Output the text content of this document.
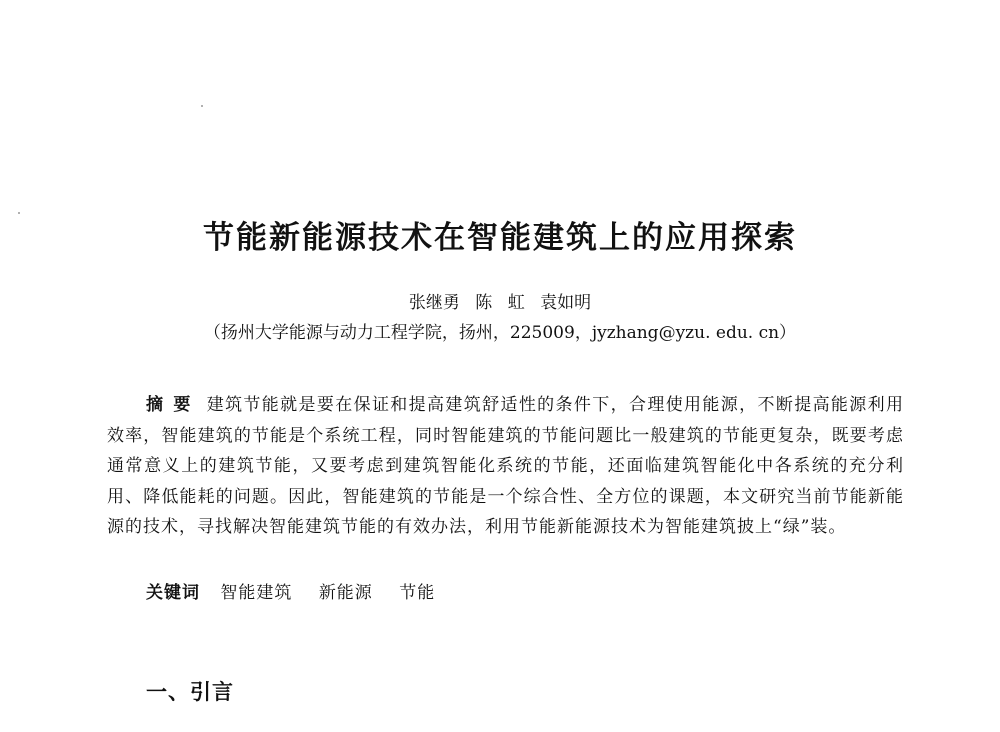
节能新能源技术在智能建筑上的应用探索
张继勇 陈 虹 袁如明
（扬州大学能源与动力工程学院，扬州，225009，jyzhang@yzu. edu. cn）
摘要 建筑节能就是要在保证和提高建筑舒适性的条件下，合理使用能源，不断提高能源利用效率，智能建筑的节能是个系统工程，同时智能建筑的节能问题比一般建筑的节能更复杂，既要考虑通常意义上的建筑节能，又要考虑到建筑智能化系统的节能，还面临建筑智能化中各系统的充分利用、降低能耗的问题。因此，智能建筑的节能是一个综合性、全方位的课题，本文研究当前节能新能源的技术，寻找解决智能建筑节能的有效办法，利用节能新能源技术为智能建筑披上“绿”装。
关键词 智能建筑 新能源 节能
一、引言
